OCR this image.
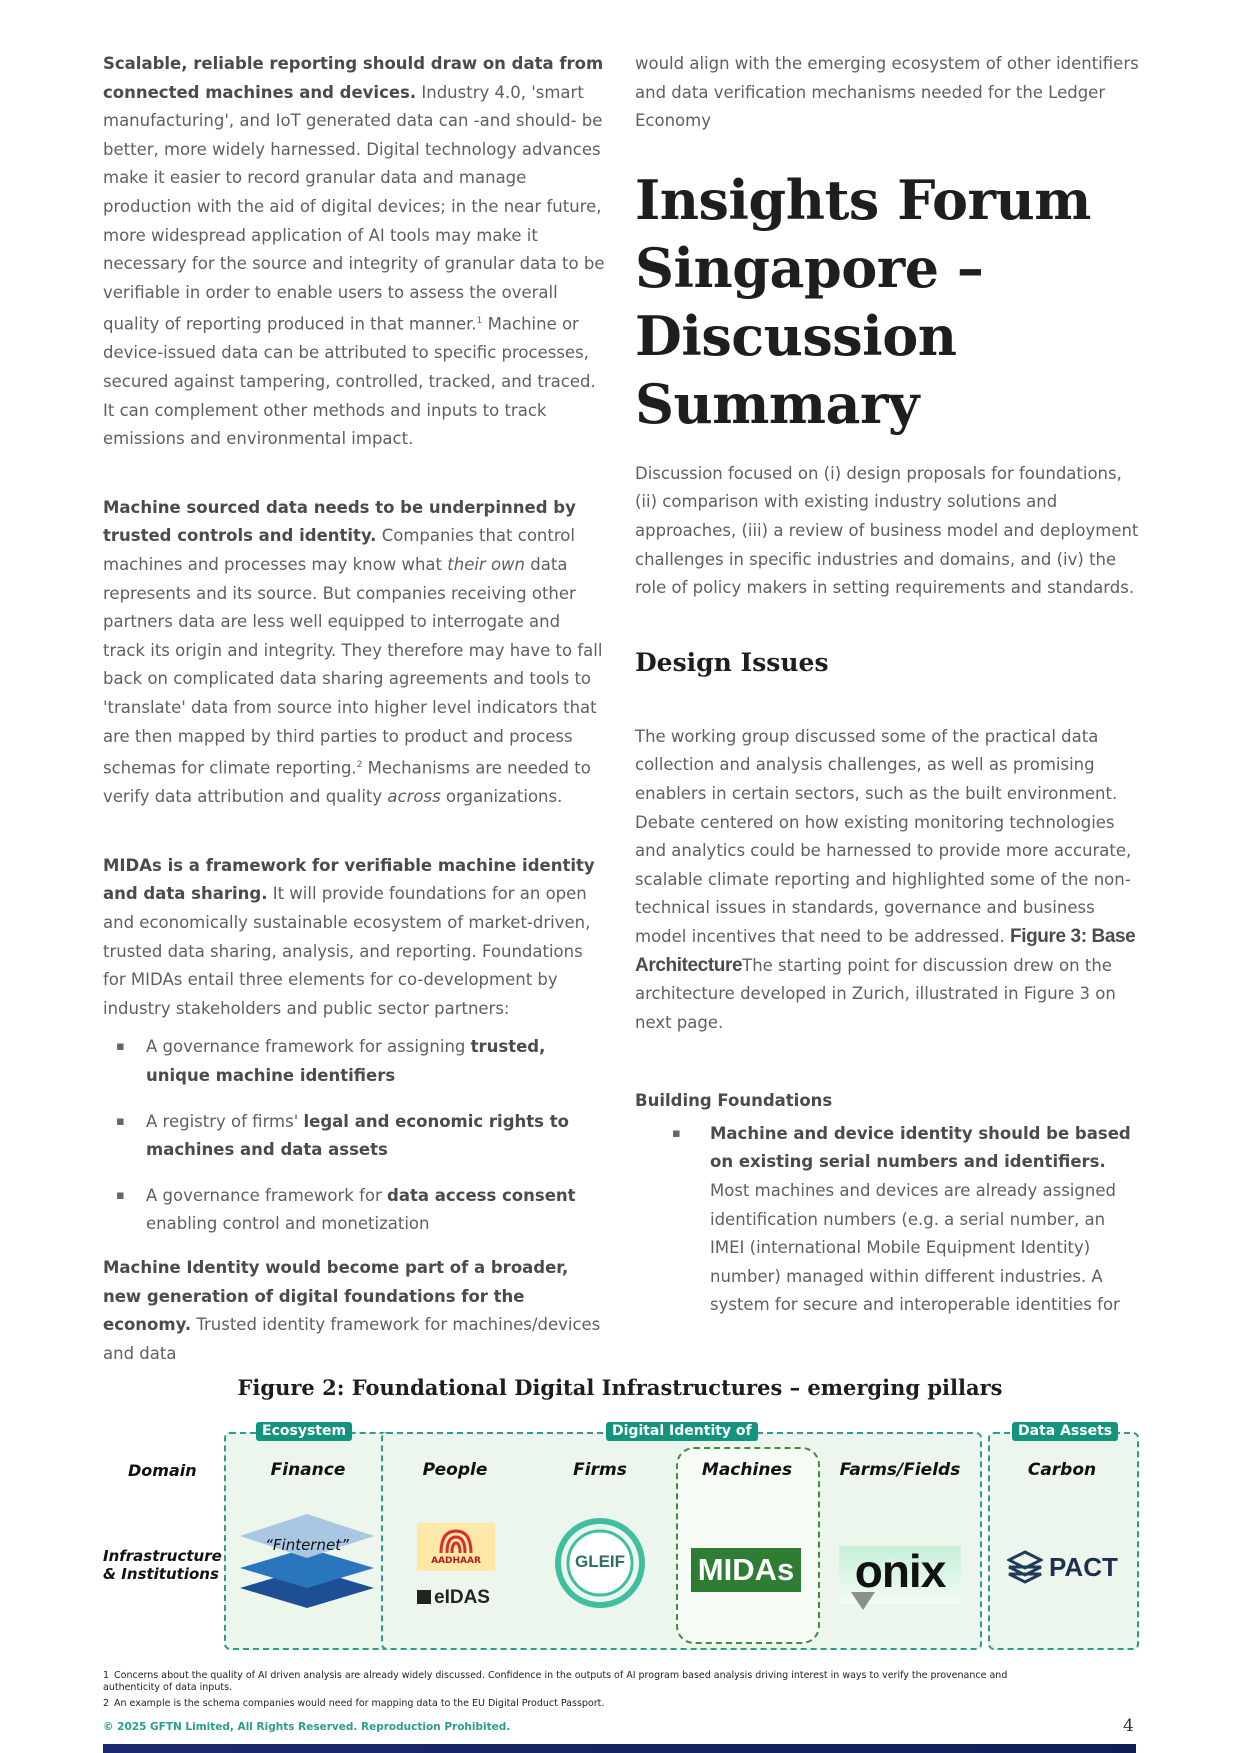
Scalable, reliable reporting should draw on data from connected machines and devices. Industry 4.0, 'smart manufacturing', and IoT generated data can -and should- be better, more widely harnessed. Digital technology advances make it easier to record granular data and manage production with the aid of digital devices; in the near future, more widespread application of AI tools may make it necessary for the source and integrity of granular data to be verifiable in order to enable users to assess the overall quality of reporting produced in that manner.$^1$ Machine or device-issued data can be attributed to specific processes, secured against tampering, controlled, tracked, and traced. It can complement other methods and inputs to track emissions and environmental impact.

Machine sourced data needs to be underpinned by trusted controls and identity. Companies that control machines and processes may know what their own data represents and its source. But companies receiving other partners data are less well equipped to interrogate and track its origin and integrity. They therefore may have to fall back on complicated data sharing agreements and tools to 'translate' data from source into higher level indicators that are then mapped by third parties to product and process schemas for climate reporting.$^2$ Mechanisms are needed to verify data attribution and quality across organizations.

MIDAs is a framework for verifiable machine identity and data sharing. It will provide foundations for an open and economically sustainable ecosystem of market-driven, trusted data sharing, analysis, and reporting. Foundations for MIDAs entail three elements for co-development by industry stakeholders and public sector partners:

▪ A governance framework for assigning trusted, unique machine identifiers
▪ A registry of firms' legal and economic rights to machines and data assets
▪ A governance framework for data access consent enabling control and monetization

Machine Identity would become part of a broader, new generation of digital foundations for the economy. Trusted identity framework for machines/devices and data

would align with the emerging ecosystem of other identifiers and data verification mechanisms needed for the Ledger Economy

Insights Forum Singapore – Discussion Summary

Discussion focused on (i) design proposals for foundations, (ii) comparison with existing industry solutions and approaches, (iii) a review of business model and deployment challenges in specific industries and domains, and (iv) the role of policy makers in setting requirements and standards.

Design Issues

The working group discussed some of the practical data collection and analysis challenges, as well as promising enablers in certain sectors, such as the built environment. Debate centered on how existing monitoring technologies and analytics could be harnessed to provide more accurate, scalable climate reporting and highlighted some of the non-technical issues in standards, governance and business model incentives that need to be addressed. Figure 3: Base ArchitectureThe starting point for discussion drew on the architecture developed in Zurich, illustrated in Figure 3 on next page.

Building Foundations
▪ Machine and device identity should be based on existing serial numbers and identifiers. Most machines and devices are already assigned identification numbers (e.g. a serial number, an IMEI (international Mobile Equipment Identity) number) managed within different industries. A system for secure and interoperable identities for
Figure 2: Foundational Digital Infrastructures – emerging pillars
Ecosystem	Digital Identity of	Data Assets
Domain
Infrastructure & Institutions
Finance	People	Firms	Machines	Farms/Fields	Carbon
“Finternet”
AADHAAR
eIDAS
GLEIF	MIDAs	onix	PACT
1 Concerns about the quality of AI driven analysis are already widely discussed. Confidence in the outputs of AI program based analysis driving interest in ways to verify the provenance and authenticity of data inputs.
2 An example is the schema companies would need for mapping data to the EU Digital Product Passport.
© 2025 GFTN Limited, All Rights Reserved. Reproduction Prohibited.	4
